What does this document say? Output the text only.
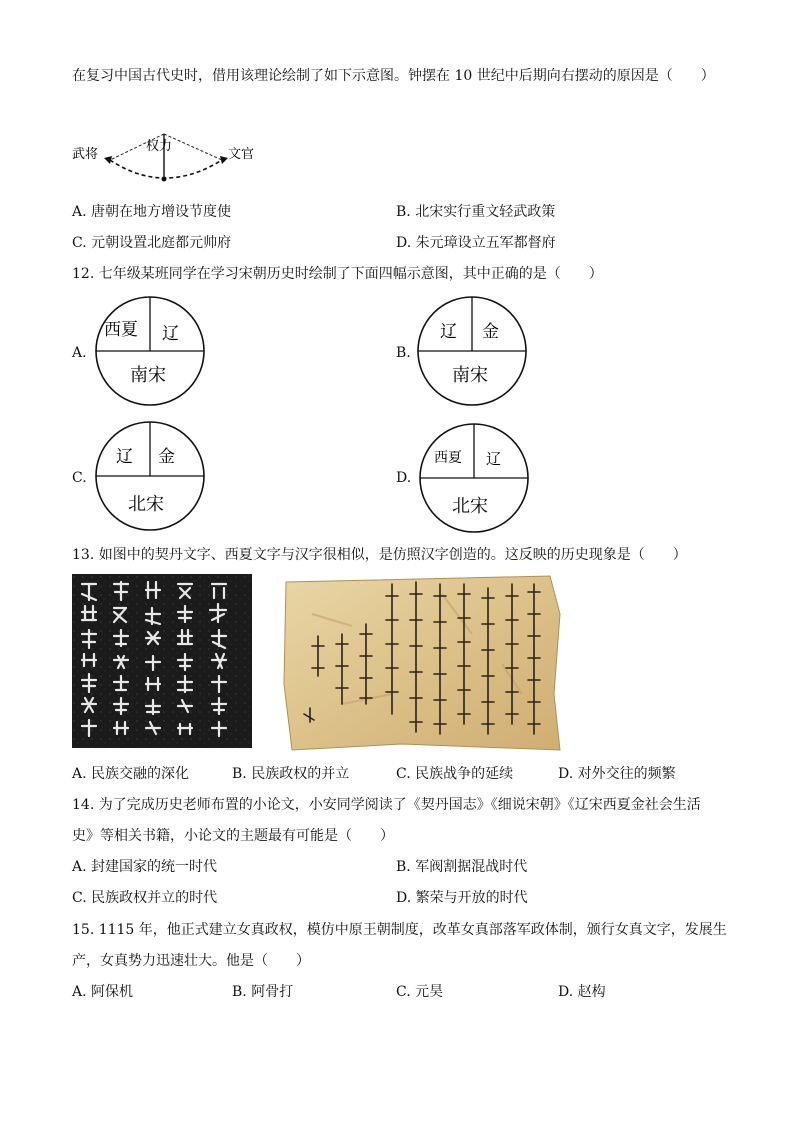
在复习中国古代史时，借用该理论绘制了如下示意图。钟摆在 10 世纪中后期向右摆动的原因是（　　）
武将
权力
文官
A. 唐朝在地方增设节度使	B. 北宋实行重文轻武政策
C. 元朝设置北庭都元帅府	D. 朱元璋设立五军都督府
12. 七年级某班同学在学习宋朝历史时绘制了下面四幅示意图，其中正确的是（　　）
A.
西夏 辽
南宋
B.
辽 金
南宋
C.
辽 金
北宋
D.
西夏 辽
北宋
13. 如图中的契丹文字、西夏文字与汉字很相似，是仿照汉字创造的。这反映的历史现象是（　　）
A. 民族交融的深化	B. 民族政权的并立	C. 民族战争的延续	D. 对外交往的频繁
14. 为了完成历史老师布置的小论文，小安同学阅读了《契丹国志》《细说宋朝》《辽宋西夏金社会生活
史》等相关书籍，小论文的主题最有可能是（　　）
A. 封建国家的统一时代	B. 军阀割据混战时代
C. 民族政权并立的时代	D. 繁荣与开放的时代
15. 1115 年，他正式建立女真政权，模仿中原王朝制度，改革女真部落军政体制，颁行女真文字，发展生
产，女真势力迅速壮大。他是（　　）
A. 阿保机	B. 阿骨打	C. 元昊	D. 赵构
